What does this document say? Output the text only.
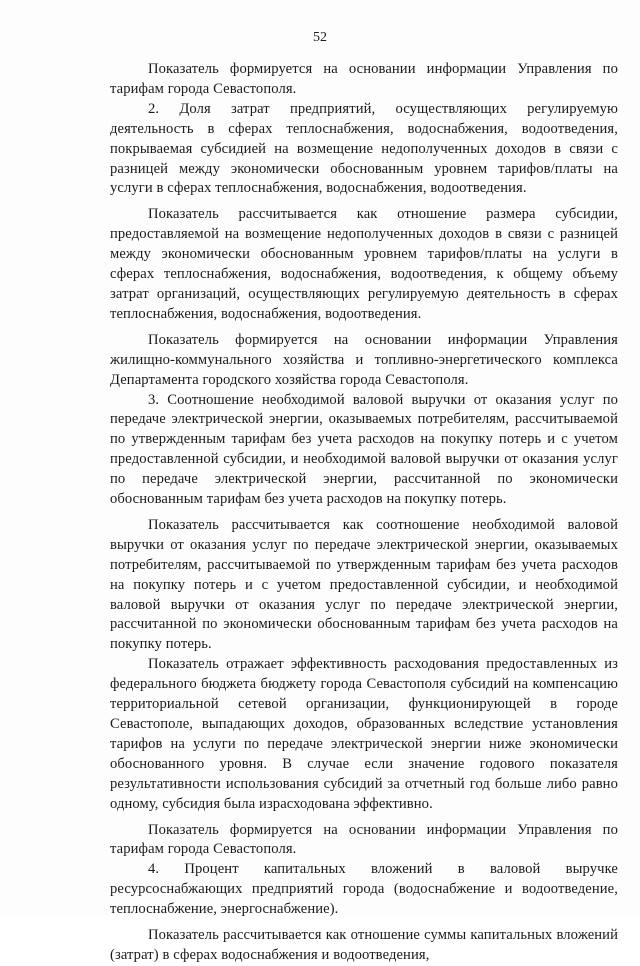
52

Показатель формируется на основании информации Управления по тарифам города Севастополя.

2. Доля затрат предприятий, осуществляющих регулируемую деятельность в сферах теплоснабжения, водоснабжения, водоотведения, покрываемая субсидией на возмещение недополученных доходов в связи с разницей между экономически обоснованным уровнем тарифов/платы на услуги в сферах теплоснабжения, водоснабжения, водоотведения.

Показатель рассчитывается как отношение размера субсидии, предоставляемой на возмещение недополученных доходов в связи с разницей между экономически обоснованным уровнем тарифов/платы на услуги в сферах теплоснабжения, водоснабжения, водоотведения, к общему объему затрат организаций, осуществляющих регулируемую деятельность в сферах теплоснабжения, водоснабжения, водоотведения.

Показатель формируется на основании информации Управления жилищно-коммунального хозяйства и топливно-энергетического комплекса Департамента городского хозяйства города Севастополя.

3. Соотношение необходимой валовой выручки от оказания услуг по передаче электрической энергии, оказываемых потребителям, рассчитываемой по утвержденным тарифам без учета расходов на покупку потерь и с учетом предоставленной субсидии, и необходимой валовой выручки от оказания услуг по передаче электрической энергии, рассчитанной по экономически обоснованным тарифам без учета расходов на покупку потерь.

Показатель рассчитывается как соотношение необходимой валовой выручки от оказания услуг по передаче электрической энергии, оказываемых потребителям, рассчитываемой по утвержденным тарифам без учета расходов на покупку потерь и с учетом предоставленной субсидии, и необходимой валовой выручки от оказания услуг по передаче электрической энергии, рассчитанной по экономически обоснованным тарифам без учета расходов на покупку потерь.

Показатель отражает эффективность расходования предоставленных из федерального бюджета бюджету города Севастополя субсидий на компенсацию территориальной сетевой организации, функционирующей в городе Севастополе, выпадающих доходов, образованных вследствие установления тарифов на услуги по передаче электрической энергии ниже экономически обоснованного уровня. В случае если значение годового показателя результативности использования субсидий за отчетный год больше либо равно одному, субсидия была израсходована эффективно.

Показатель формируется на основании информации Управления по тарифам города Севастополя.

4. Процент капитальных вложений в валовой выручке ресурсоснабжающих предприятий города (водоснабжение и водоотведение, теплоснабжение, энергоснабжение).

Показатель рассчитывается как отношение суммы капитальных вложений (затрат) в сферах водоснабжения и водоотведения,
